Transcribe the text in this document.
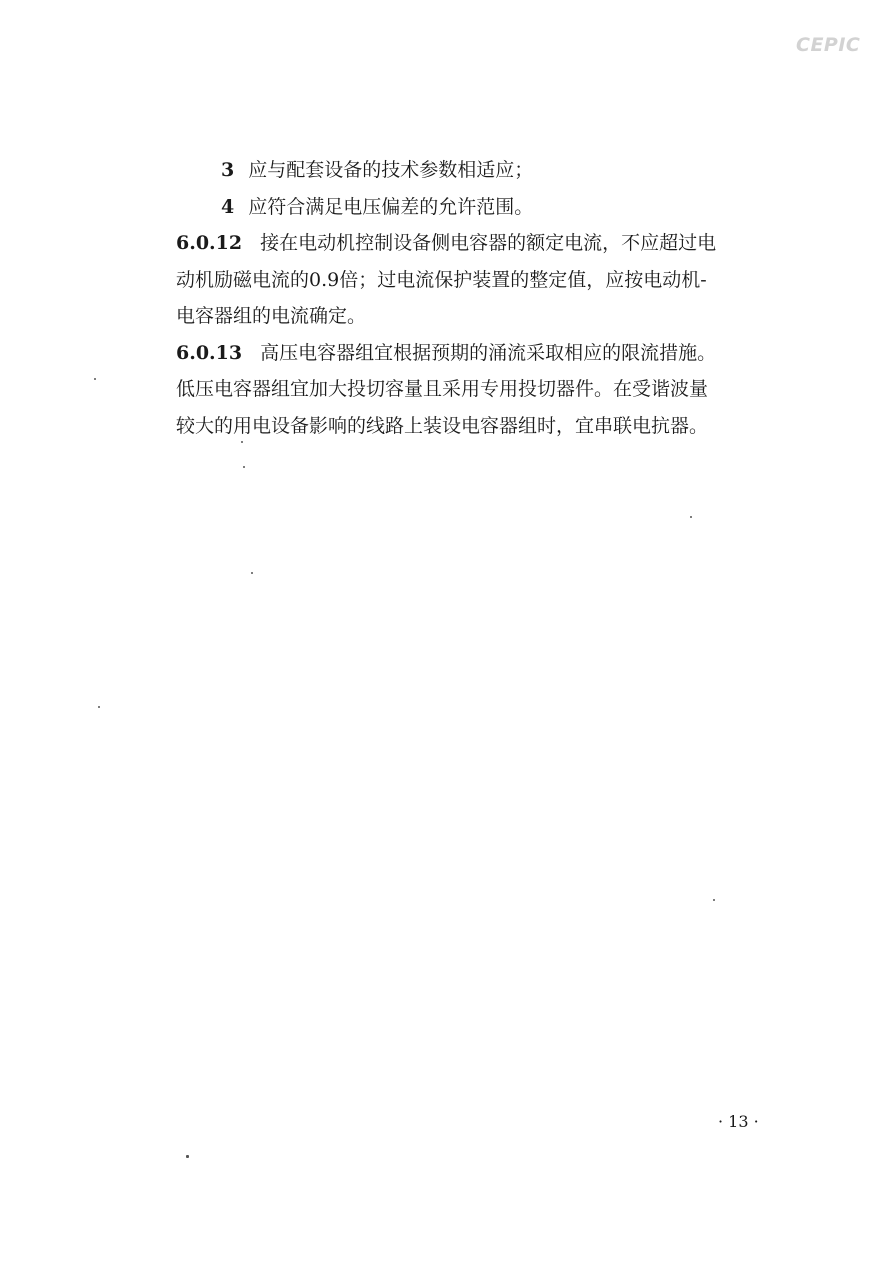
CEPIC
3 应与配套设备的技术参数相适应；
4 应符合满足电压偏差的允许范围。
6.0.12 接在电动机控制设备侧电容器的额定电流，不应超过电
动机励磁电流的0.9倍；过电流保护装置的整定值，应按电动机-
电容器组的电流确定。
6.0.13 高压电容器组宜根据预期的涌流采取相应的限流措施。
低压电容器组宜加大投切容量且采用专用投切器件。在受谐波量
较大的用电设备影响的线路上装设电容器组时，宜串联电抗器。
· 13 ·
